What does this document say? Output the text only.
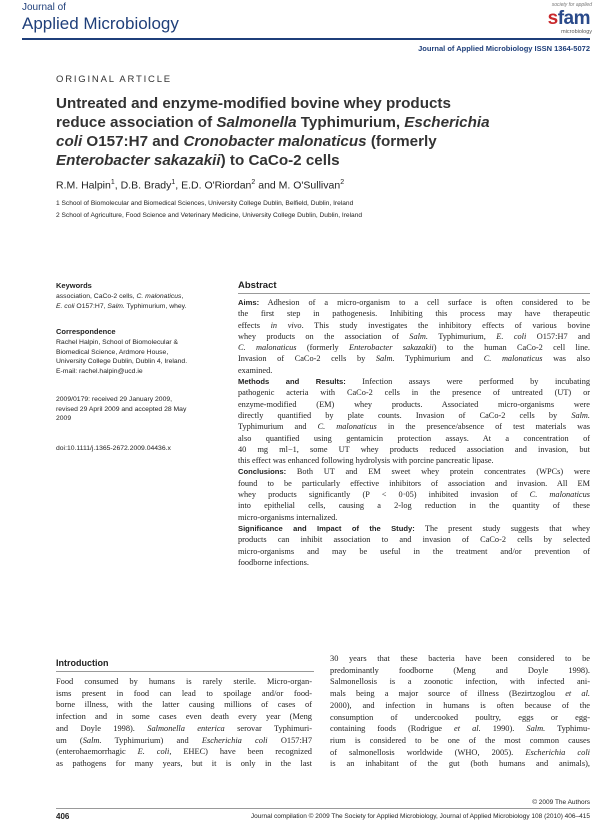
Journal of
Applied Microbiology
society for applied
sfam
microbiology
Journal of Applied Microbiology ISSN 1364-5072
ORIGINAL ARTICLE
Untreated and enzyme-modified bovine whey products
reduce association of Salmonella Typhimurium, Escherichia
coli O157:H7 and Cronobacter malonaticus (formerly
Enterobacter sakazakii) to CaCo-2 cells
R.M. Halpin$^1$, D.B. Brady$^1$, E.D. O'Riordan$^2$ and M. O'Sullivan$^2$
1 School of Biomolecular and Biomedical Sciences, University College Dublin, Belfield, Dublin, Ireland
2 School of Agriculture, Food Science and Veterinary Medicine, University College Dublin, Dublin, Ireland
Keywords
association, CaCo-2 cells, C. malonaticus,
E. coli O157:H7, Salm. Typhimurium, whey.
Correspondence
Rachel Halpin, School of Biomolecular &
Biomedical Science, Ardmore House,
University College Dublin, Dublin 4, Ireland.
E-mail: rachel.halpin@ucd.ie
2009/0179: received 29 January 2009,
revised 29 April 2009 and accepted 28 May
2009
doi:10.1111/j.1365-2672.2009.04436.x
Abstract
Aims: Adhesion of a micro-organism to a cell surface is often considered to be
the first step in pathogenesis. Inhibiting this process may have therapeutic
effects in vivo. This study investigates the inhibitory effects of various bovine
whey products on the association of Salm. Typhimurium, E. coli O157:H7 and
C. malonaticus (formerly Enterobacter sakazakii) to the human CaCo-2 cell line.
Invasion of CaCo-2 cells by Salm. Typhimurium and C. malonaticus was also
examined.
Methods and Results: Infection assays were performed by incubating
pathogenic acteria with CaCo-2 cells in the presence of untreated (UT) or
enzyme-modified (EM) whey products. Associated micro-organisms were
directly quantified by plate counts. Invasion of CaCo-2 cells by Salm.
Typhimurium and C. malonaticus in the presence/absence of test materials was
also quantified using gentamicin protection assays. At a concentration of
40 mg ml−1, some UT whey products reduced association and invasion, but
this effect was enhanced following hydrolysis with porcine pancreatic lipase.
Conclusions: Both UT and EM sweet whey protein concentrates (WPCs) were
found to be particularly effective inhibitors of association and invasion. All EM
whey products significantly (P < 0·05) inhibited invasion of C. malonaticus
into epithelial cells, causing a 2-log reduction in the quantity of these
micro-organisms internalized.
Significance and Impact of the Study: The present study suggests that whey
products can inhibit association to and invasion of CaCo-2 cells by selected
micro-organisms and may be useful in the treatment and/or prevention of
foodborne infections.
Introduction
Food consumed by humans is rarely sterile. Micro-organ-
isms present in food can lead to spoilage and/or food-
borne illness, with the latter causing millions of cases of
infection and in some cases even death every year (Meng
and Doyle 1998). Salmonella enterica serovar Typhimuri-
um (Salm. Typhimurium) and Escherichia coli O157:H7
(enterohaemorrhagic E. coli, EHEC) have been recognized
as pathogens for many years, but it is only in the last
30 years that these bacteria have been considered to be
predominantly foodborne (Meng and Doyle 1998).
Salmonellosis is a zoonotic infection, with infected ani-
mals being a major source of illness (Bezirtzoglou et al.
2000), and infection in humans is often because of the
consumption of undercooked poultry, eggs or egg-
containing foods (Rodrigue et al. 1990). Salm. Typhimu-
rium is considered to be one of the most common causes
of salmonellosis worldwide (WHO, 2005). Escherichia coli
is an inhabitant of the gut (both humans and animals),
© 2009 The Authors
406	Journal compilation © 2009 The Society for Applied Microbiology, Journal of Applied Microbiology 108 (2010) 406–415
